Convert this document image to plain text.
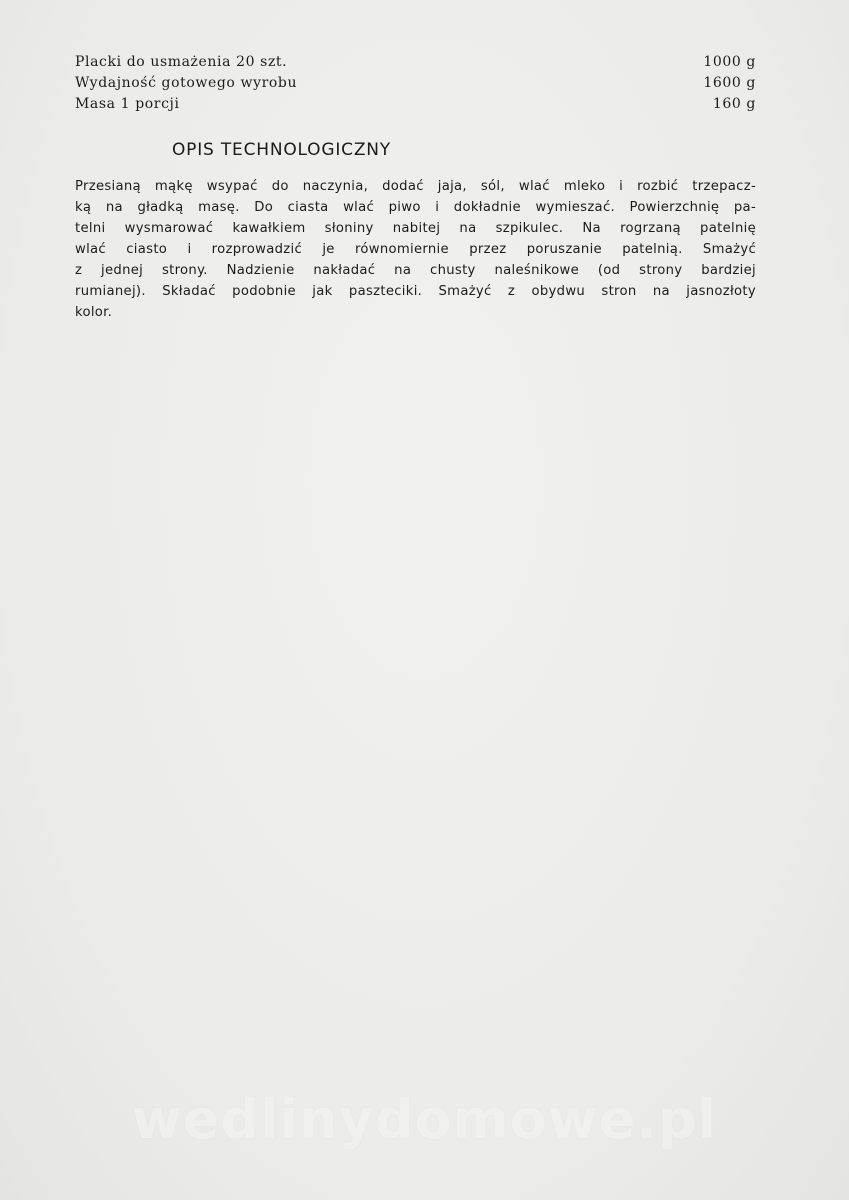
Placki do usmażenia 20 szt.	1000 g
Wydajność gotowego wyrobu	1600 g
Masa 1 porcji	160 g
OPIS TECHNOLOGICZNY
Przesianą mąkę wsypać do naczynia, dodać jaja, sól, wlać mleko i rozbić trzepacz-
ką na gładką masę. Do ciasta wlać piwo i dokładnie wymieszać. Powierzchnię pa-
telni wysmarować kawałkiem słoniny nabitej na szpikulec. Na rogrzaną patelnię
wlać ciasto i rozprowadzić je równomiernie przez poruszanie patelnią. Smażyć
z jednej strony. Nadzienie nakładać na chusty naleśnikowe (od strony bardziej
rumianej). Składać podobnie jak paszteciki. Smażyć z obydwu stron na jasnozłoty
kolor.
wedlinydomowe.pl
